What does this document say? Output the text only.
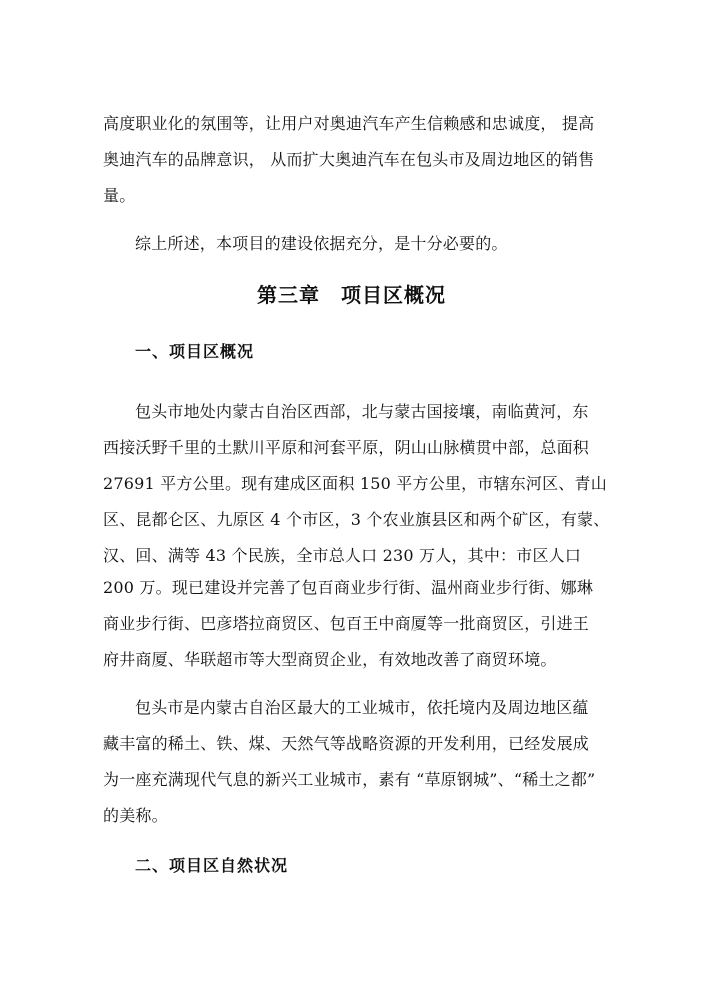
高度职业化的氛围等，让用户对奥迪汽车产生信赖感和忠诚度， 提高
奥迪汽车的品牌意识， 从而扩大奥迪汽车在包头市及周边地区的销售
量。
综上所述，本项目的建设依据充分，是十分必要的。
第三章　项目区概况
一、项目区概况
包头市地处内蒙古自治区西部，北与蒙古国接壤，南临黄河，东
西接沃野千里的土默川平原和河套平原，阴山山脉横贯中部，总面积
27691 平方公里。现有建成区面积 150 平方公里，市辖东河区、青山
区、昆都仑区、九原区 4 个市区，3 个农业旗县区和两个矿区，有蒙、
汉、回、满等 43 个民族，全市总人口 230 万人，其中：市区人口
200 万。现已建设并完善了包百商业步行街、温州商业步行街、娜琳
商业步行街、巴彦塔拉商贸区、包百王中商厦等一批商贸区，引进王
府井商厦、华联超市等大型商贸企业，有效地改善了商贸环境。
包头市是内蒙古自治区最大的工业城市，依托境内及周边地区蕴
藏丰富的稀土、铁、煤、天然气等战略资源的开发利用，已经发展成
为一座充满现代气息的新兴工业城市，素有 “草原钢城”、“稀土之都”
的美称。
二、项目区自然状况
